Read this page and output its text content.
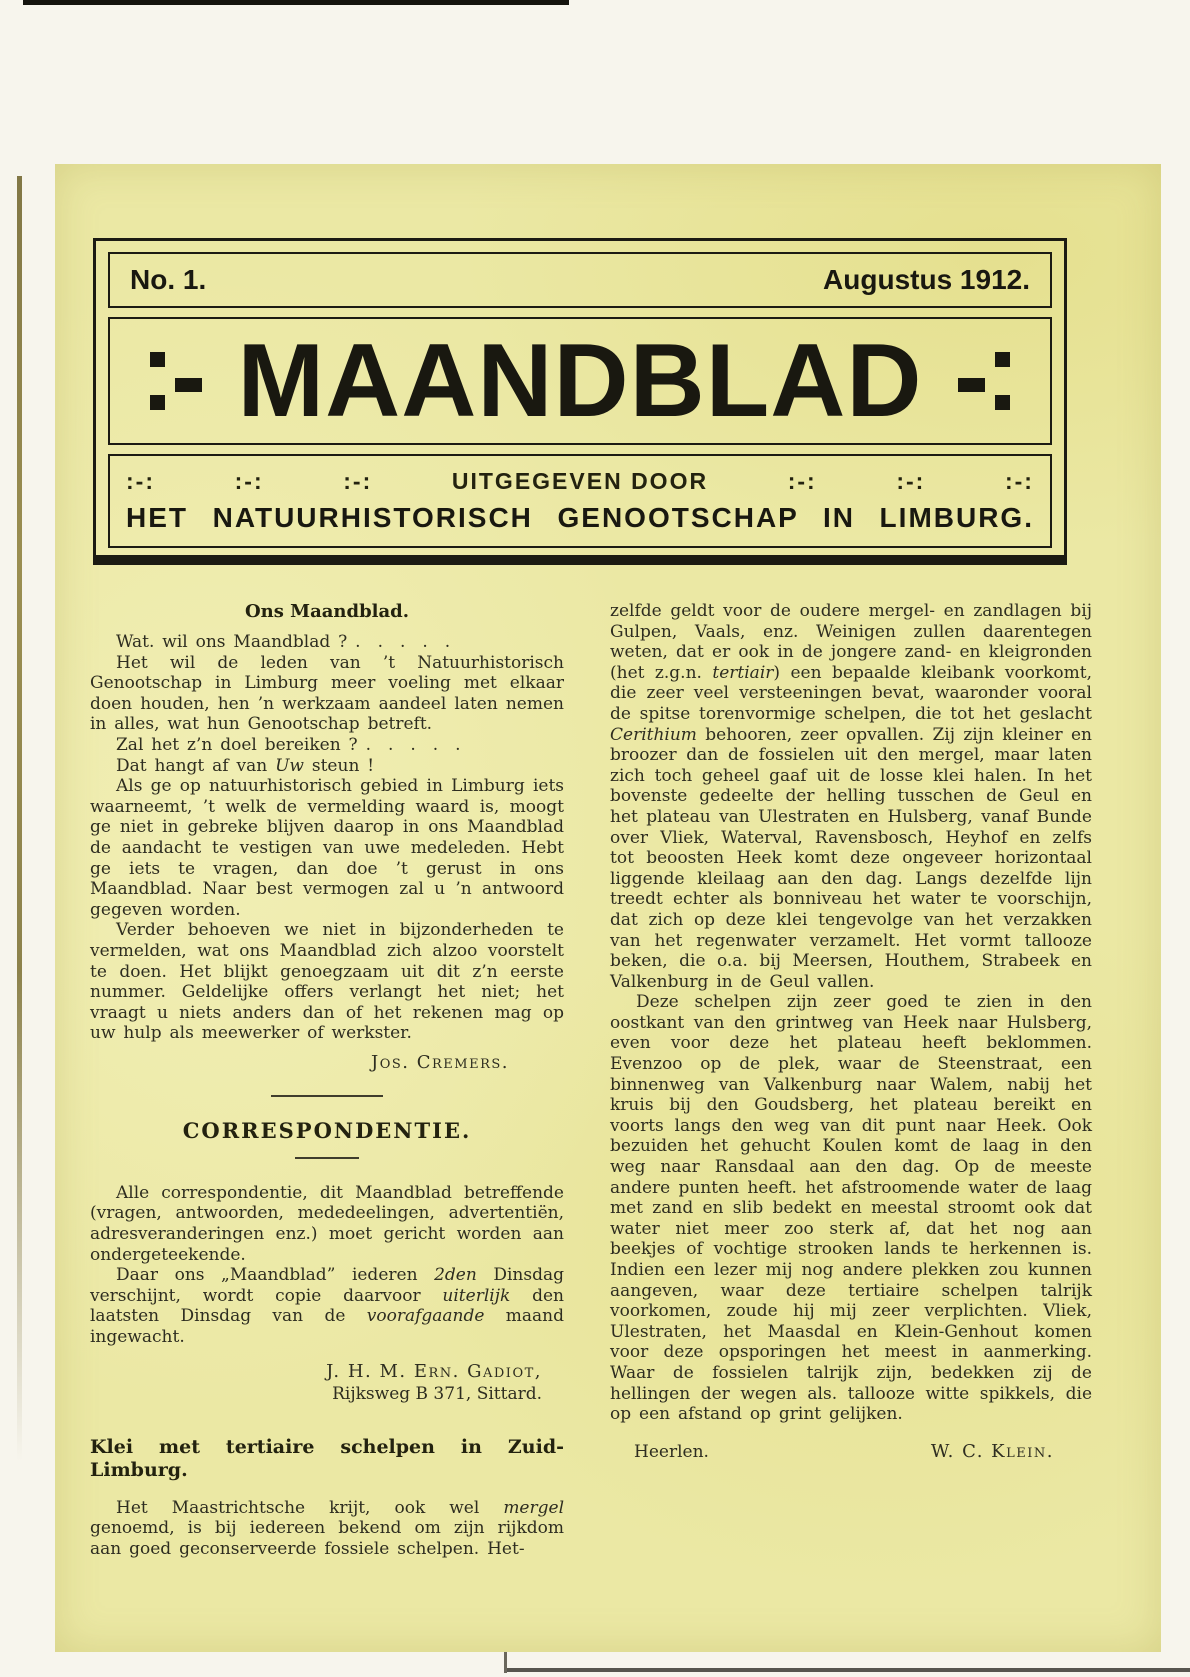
No. 1.	Augustus 1912.
MAANDBLAD
:-:	:-:	:-:	UITGEGEVEN DOOR	:-:	:-:	:-:
HET NATUURHISTORISCH GENOOTSCHAP IN LIMBURG.
Ons Maandblad.

Wat. wil ons Maandblad ? . . . . .

Het wil de leden van ’t Natuurhistorisch Genootschap in Limburg meer voeling met elkaar doen houden, hen ’n werkzaam aandeel laten nemen in alles, wat hun Genootschap betreft.

Zal het z’n doel bereiken ? . . . . .

Dat hangt af van Uw steun !

Als ge op natuurhistorisch gebied in Limburg iets waarneemt, ’t welk de vermelding waard is, moogt ge niet in gebreke blijven daarop in ons Maandblad de aandacht te vestigen van uwe medeleden. Hebt ge iets te vragen, dan doe ’t gerust in ons Maandblad. Naar best vermogen zal u ’n antwoord gegeven worden.

Verder behoeven we niet in bijzonderheden te vermelden, wat ons Maandblad zich alzoo voorstelt te doen. Het blijkt genoegzaam uit dit z’n eerste nummer. Geldelijke offers verlangt het niet; het vraagt u niets anders dan of het rekenen mag op uw hulp als meewerker of werkster.

Jos. Cremers.
CORRESPONDENTIE.

Alle correspondentie, dit Maandblad betreffende (vragen, antwoorden, mededeelingen, advertentiën, adresveranderingen enz.) moet gericht worden aan ondergeteekende.

Daar ons „Maandblad” iederen 2den Dinsdag verschijnt, wordt copie daarvoor uiterlijk den laatsten Dinsdag van de voorafgaande maand ingewacht.

J. H. M. Ern. Gadiot,
Rijksweg B 371, Sittard.
Klei met tertiaire schelpen in Zuid-Limburg.

Het Maastrichtsche krijt, ook wel mergel genoemd, is bij iedereen bekend om zijn rijkdom aan goed geconserveerde fossiele schelpen. Het-

zelfde geldt voor de oudere mergel- en zandlagen bij Gulpen, Vaals, enz. Weinigen zullen daarentegen weten, dat er ook in de jongere zand- en kleigronden (het z.g.n. tertiair) een bepaalde kleibank voorkomt, die zeer veel versteeningen bevat, waaronder vooral de spitse torenvormige schelpen, die tot het geslacht Cerithium behooren, zeer opvallen. Zij zijn kleiner en broozer dan de fossielen uit den mergel, maar laten zich toch geheel gaaf uit de losse klei halen. In het bovenste gedeelte der helling tusschen de Geul en het plateau van Ulestraten en Hulsberg, vanaf Bunde over Vliek, Waterval, Ravensbosch, Heyhof en zelfs tot beoosten Heek komt deze ongeveer horizontaal liggende kleilaag aan den dag. Langs dezelfde lijn treedt echter als bonniveau het water te voorschijn, dat zich op deze klei tengevolge van het verzakken van het regenwater verzamelt. Het vormt tallooze beken, die o.a. bij Meersen, Houthem, Strabeek en Valkenburg in de Geul vallen.

Deze schelpen zijn zeer goed te zien in den oostkant van den grintweg van Heek naar Hulsberg, even voor deze het plateau heeft beklommen. Evenzoo op de plek, waar de Steenstraat, een binnenweg van Valkenburg naar Walem, nabij het kruis bij den Goudsberg, het plateau bereikt en voorts langs den weg van dit punt naar Heek. Ook bezuiden het gehucht Koulen komt de laag in den weg naar Ransdaal aan den dag. Op de meeste andere punten heeft. het afstroomende water de laag met zand en slib bedekt en meestal stroomt ook dat water niet meer zoo sterk af, dat het nog aan beekjes of vochtige strooken lands te herkennen is. Indien een lezer mij nog andere plekken zou kunnen aangeven, waar deze tertiaire schelpen talrijk voorkomen, zoude hij mij zeer verplichten. Vliek, Ulestraten, het Maasdal en Klein-Genhout komen voor deze opsporingen het meest in aanmerking. Waar de fossielen talrijk zijn, bedekken zij de hellingen der wegen als. tallooze witte spikkels, die op een afstand op grint gelijken.

Heerlen.	W. C. Klein.
